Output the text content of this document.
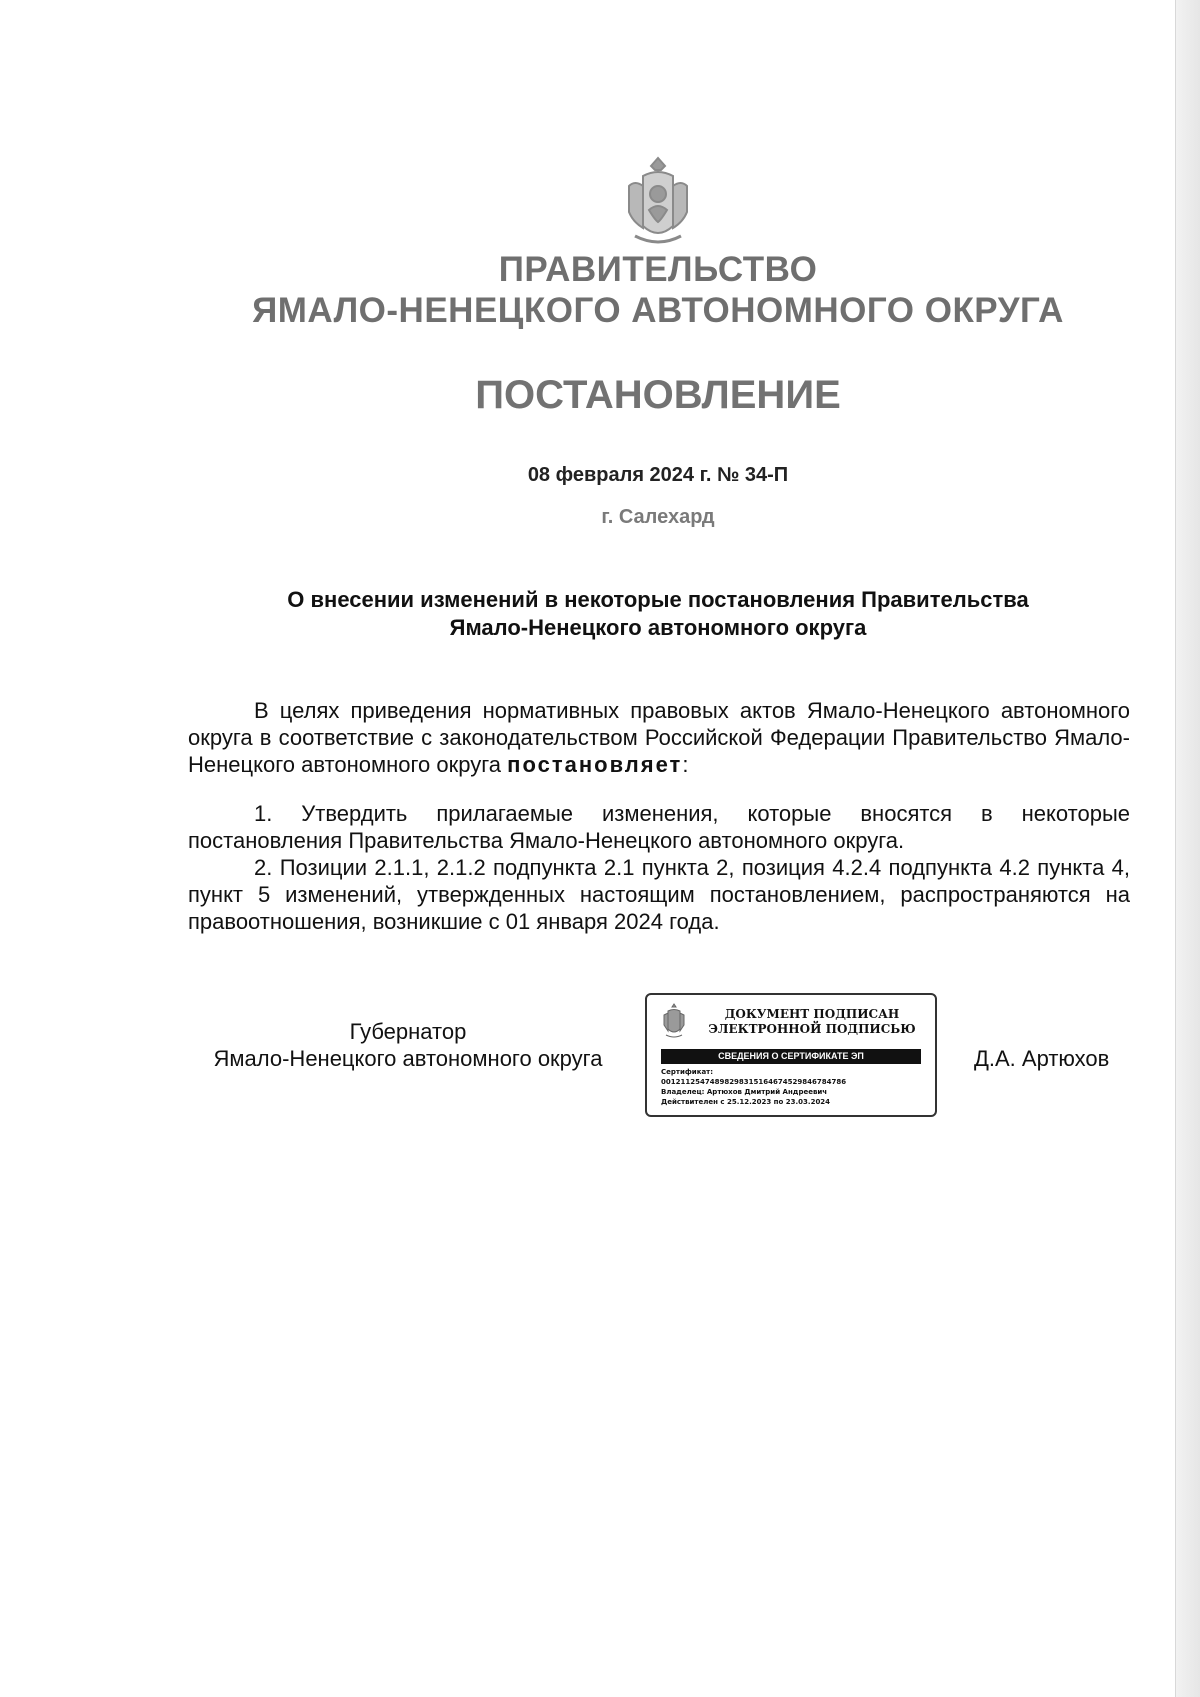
ПРАВИТЕЛЬСТВО
ЯМАЛО-НЕНЕЦКОГО АВТОНОМНОГО ОКРУГА
ПОСТАНОВЛЕНИЕ
08 февраля 2024 г. № 34-П
г. Салехард
О внесении изменений в некоторые постановления Правительства
Ямало-Ненецкого автономного округа

В целях приведения нормативных правовых актов Ямало-Ненецкого автономного округа в соответствие с законодательством Российской Федерации Правительство Ямало-Ненецкого автономного округа постановляет:

1. Утвердить прилагаемые изменения, которые вносятся в некоторые постановления Правительства Ямало-Ненецкого автономного округа.

2. Позиции 2.1.1, 2.1.2 подпункта 2.1 пункта 2, позиция 4.2.4 подпункта 4.2 пункта 4, пункт 5 изменений, утвержденных настоящим постановлением, распространяются на правоотношения, возникшие с 01 января 2024 года.

Губернатор
Ямало-Ненецкого автономного округа
ДОКУМЕНТ ПОДПИСАН
ЭЛЕКТРОННОЙ ПОДПИСЬЮ
СВЕДЕНИЯ О СЕРТИФИКАТЕ ЭП
Сертификат:
00121125474898298315164674529846784786
Владелец: Артюхов Дмитрий Андреевич
Действителен с 25.12.2023 по 23.03.2024
Д.А. Артюхов
